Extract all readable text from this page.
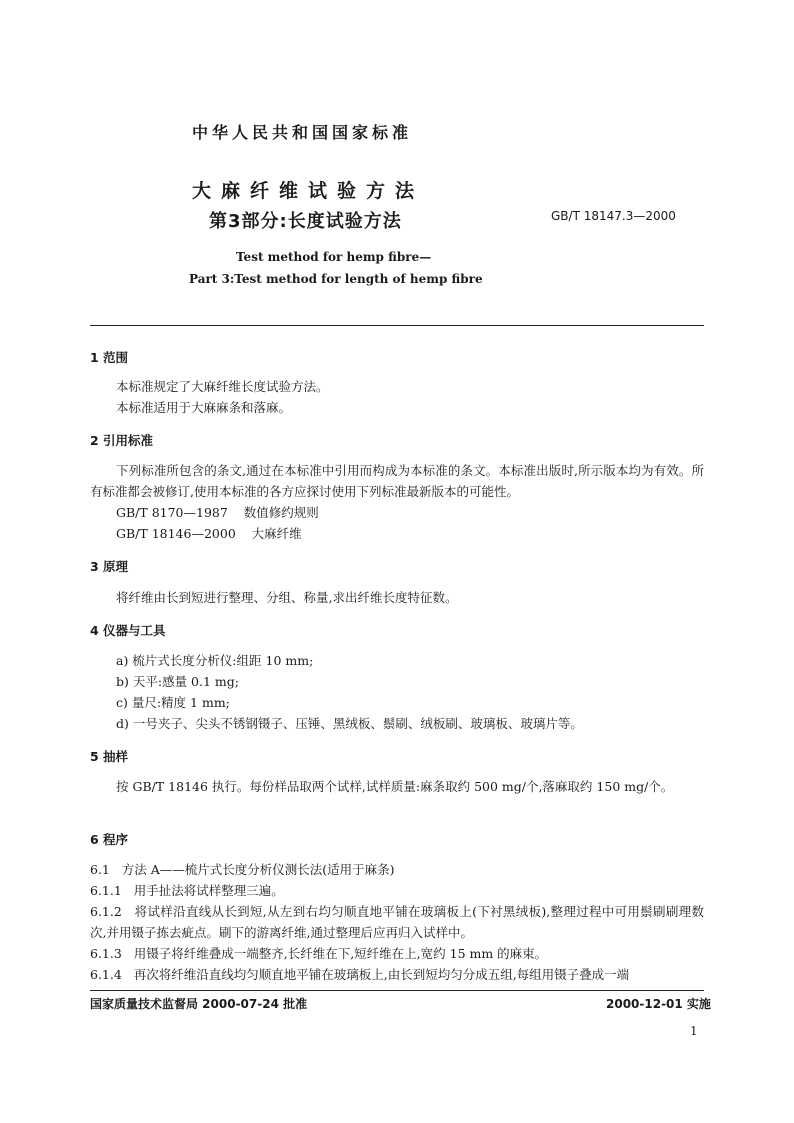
中华人民共和国国家标准
大麻纤维试验方法
第3部分:长度试验方法	GB/T 18147.3—2000
Test method for hemp fibre—
Part 3:Test method for length of hemp fibre
1 范围
本标准规定了大麻纤维长度试验方法。
本标准适用于大麻麻条和落麻。
2 引用标准
下列标准所包含的条文,通过在本标准中引用而构成为本标准的条文。本标准出版时,所示版本均为有效。所有标准都会被修订,使用本标准的各方应探讨使用下列标准最新版本的可能性。
GB/T 8170—1987    数值修约规则
GB/T 18146—2000    大麻纤维
3 原理
将纤维由长到短进行整理、分组、称量,求出纤维长度特征数。
4 仪器与工具
a) 梳片式长度分析仪:组距 10 mm;
b) 天平:感量 0.1 mg;
c) 量尺:精度 1 mm;
d) 一号夹子、尖头不锈钢镊子、压锤、黑绒板、鬃刷、绒板刷、玻璃板、玻璃片等。
5 抽样
按 GB/T 18146 执行。每份样品取两个试样,试样质量:麻条取约 500 mg/个,落麻取约 150 mg/个。
6 程序
6.1   方法 A——梳片式长度分析仪测长法(适用于麻条)
6.1.1   用手扯法将试样整理三遍。
6.1.2   将试样沿直线从长到短,从左到右均匀顺直地平铺在玻璃板上(下衬黑绒板),整理过程中可用鬃刷刷理数次,并用镊子拣去疵点。刷下的游离纤维,通过整理后应再归入试样中。
6.1.3   用镊子将纤维叠成一端整齐,长纤维在下,短纤维在上,宽约 15 mm 的麻束。
6.1.4   再次将纤维沿直线均匀顺直地平铺在玻璃板上,由长到短均匀分成五组,每组用镊子叠成一端
国家质量技术监督局 2000-07-24 批准	2000-12-01 实施
1
